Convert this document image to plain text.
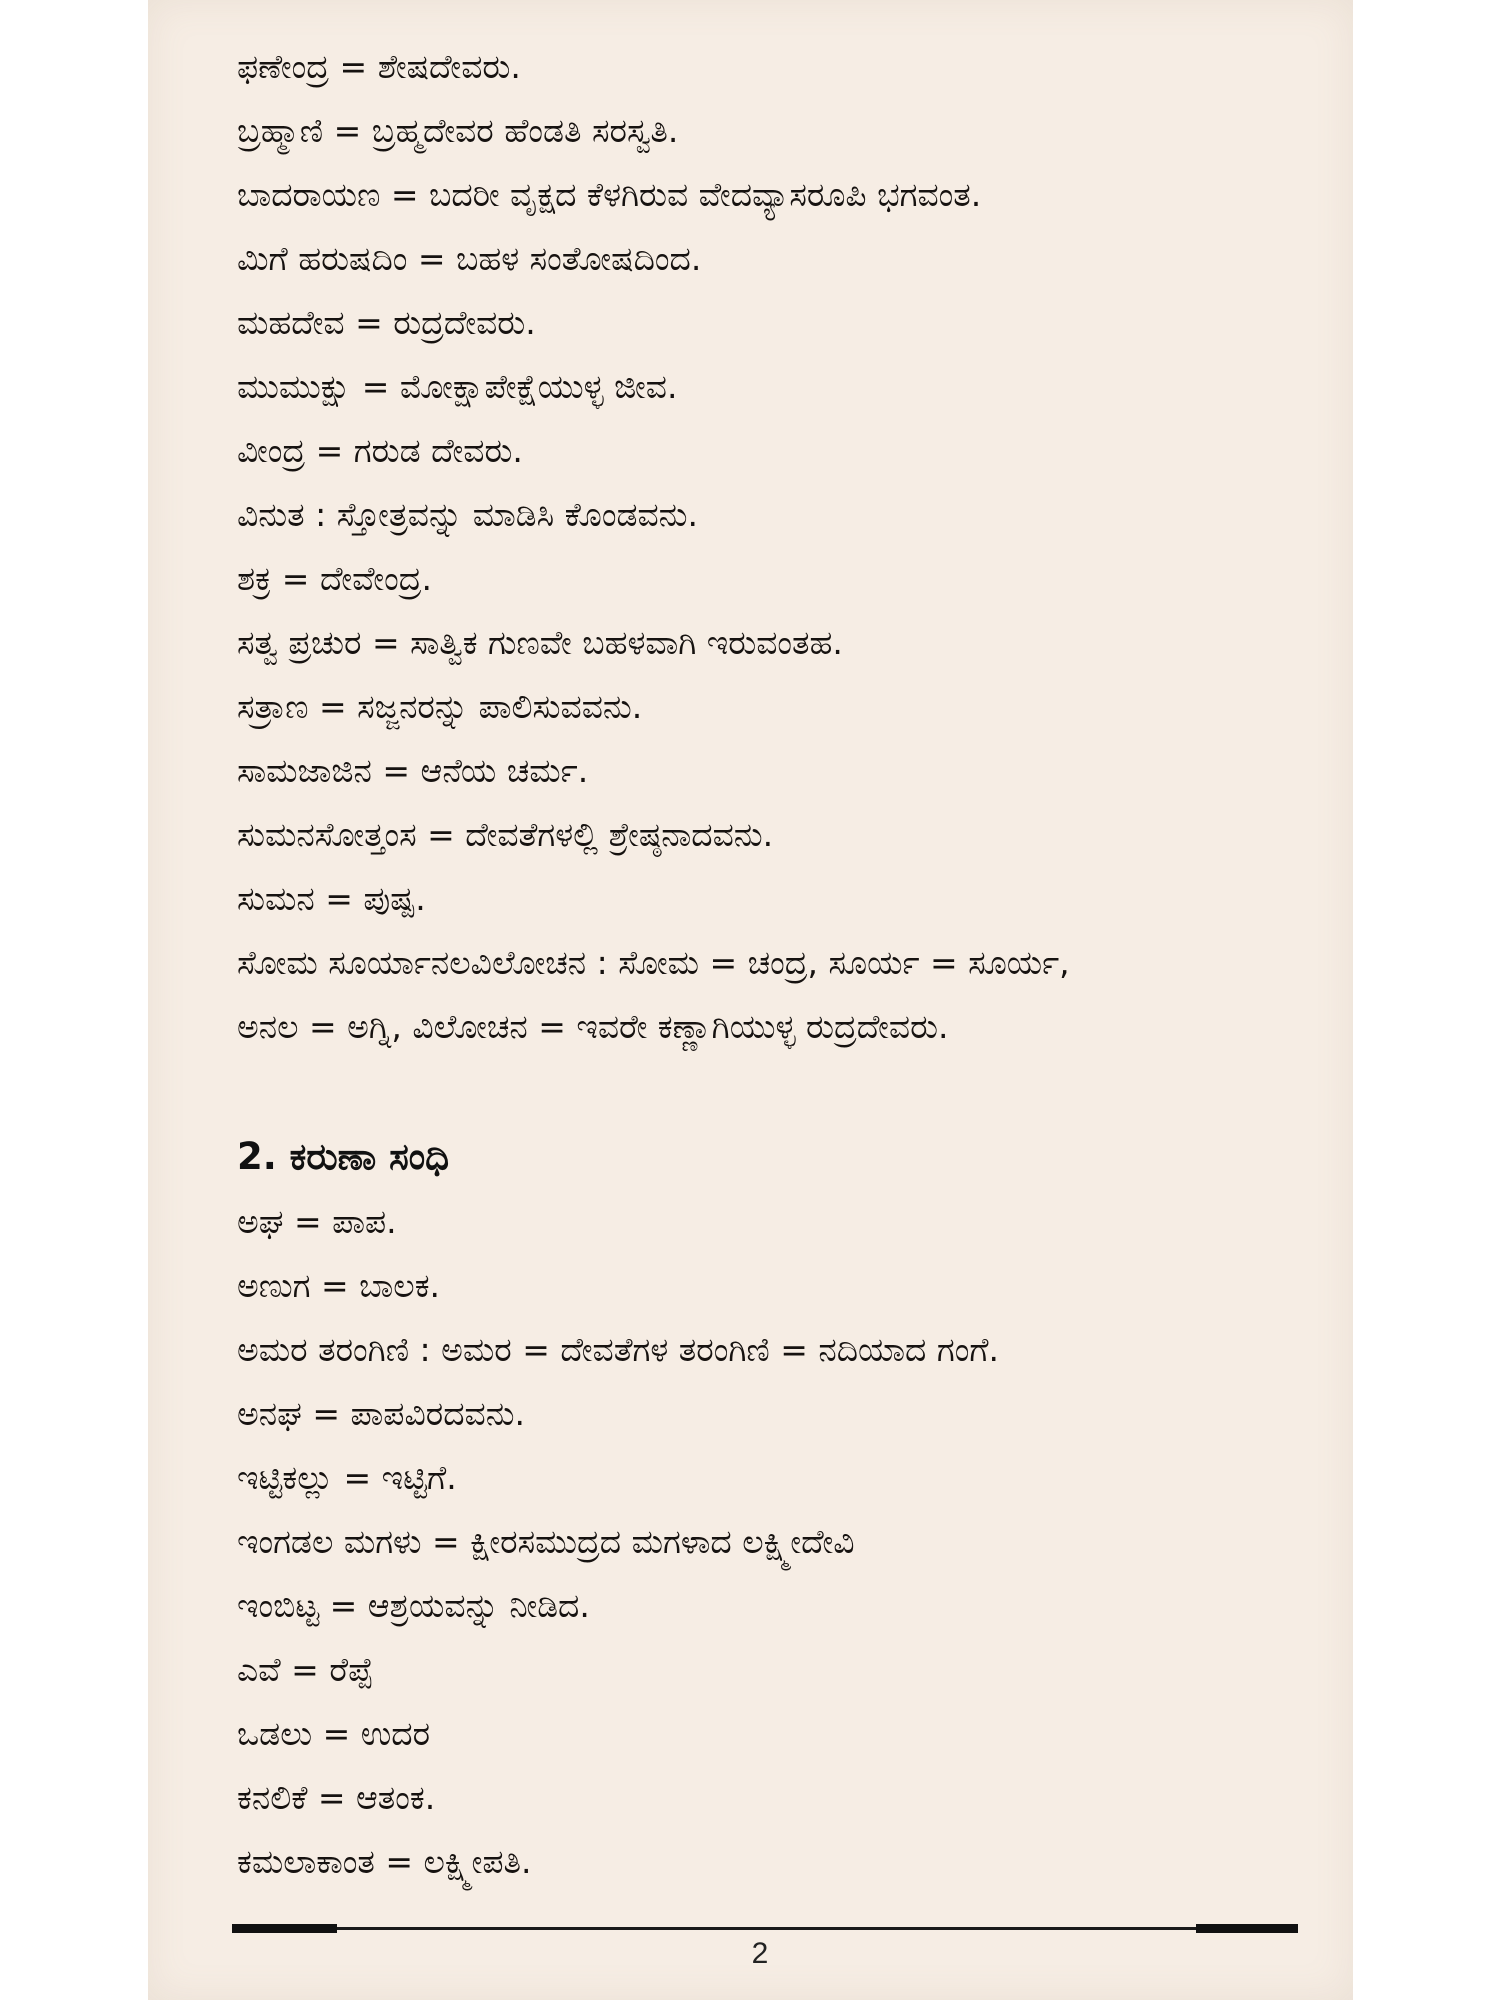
ಫಣೇಂದ್ರ = ಶೇಷದೇವರು.
ಬ್ರಹ್ಮಾಣಿ = ಬ್ರಹ್ಮದೇವರ ಹೆಂಡತಿ ಸರಸ್ವತಿ.
ಬಾದರಾಯಣ = ಬದರೀ ವೃಕ್ಷದ ಕೆಳಗಿರುವ ವೇದವ್ಯಾಸರೂಪಿ ಭಗವಂತ.
ಮಿಗೆ ಹರುಷದಿಂ = ಬಹಳ ಸಂತೋಷದಿಂದ.
ಮಹದೇವ = ರುದ್ರದೇವರು.
ಮುಮುಕ್ಷು = ಮೋಕ್ಷಾಪೇಕ್ಷೆಯುಳ್ಳ ಜೀವ.
ವೀಂದ್ರ = ಗರುಡ ದೇವರು.
ವಿನುತ : ಸ್ತೋತ್ರವನ್ನು ಮಾಡಿಸಿ ಕೊಂಡವನು.
ಶಕ್ರ = ದೇವೇಂದ್ರ.
ಸತ್ವ ಪ್ರಚುರ = ಸಾತ್ವಿಕ ಗುಣವೇ ಬಹಳವಾಗಿ ಇರುವಂತಹ.
ಸತ್ರಾಣ = ಸಜ್ಜನರನ್ನು ಪಾಲಿಸುವವನು.
ಸಾಮಜಾಜಿನ = ಆನೆಯ ಚರ್ಮ.
ಸುಮನಸೋತ್ತಂಸ = ದೇವತೆಗಳಲ್ಲಿ ಶ್ರೇಷ್ಠನಾದವನು.
ಸುಮನ = ಪುಷ್ಪ.
ಸೋಮ ಸೂರ್ಯಾನಲವಿಲೋಚನ : ಸೋಮ = ಚಂದ್ರ, ಸೂರ್ಯ = ಸೂರ್ಯ,
ಅನಲ = ಅಗ್ನಿ, ವಿಲೋಚನ = ಇವರೇ ಕಣ್ಣಾಗಿಯುಳ್ಳ ರುದ್ರದೇವರು.
2. ಕರುಣಾ ಸಂಧಿ
ಅಘ = ಪಾಪ.
ಅಣುಗ = ಬಾಲಕ.
ಅಮರ ತರಂಗಿಣಿ : ಅಮರ = ದೇವತೆಗಳ ತರಂಗಿಣಿ = ನದಿಯಾದ ಗಂಗೆ.
ಅನಘ = ಪಾಪವಿರದವನು.
ಇಟ್ಟಿಕಲ್ಲು = ಇಟ್ಟಿಗೆ.
ಇಂಗಡಲ ಮಗಳು = ಕ್ಷೀರಸಮುದ್ರದ ಮಗಳಾದ ಲಕ್ಷ್ಮೀದೇವಿ
ಇಂಬಿಟ್ಟ = ಆಶ್ರಯವನ್ನು ನೀಡಿದ.
ಎವೆ = ರೆಪ್ಪೆ
ಒಡಲು = ಉದರ
ಕನಲಿಕೆ = ಆತಂಕ.
ಕಮಲಾಕಾಂತ = ಲಕ್ಷ್ಮೀಪತಿ.
2
